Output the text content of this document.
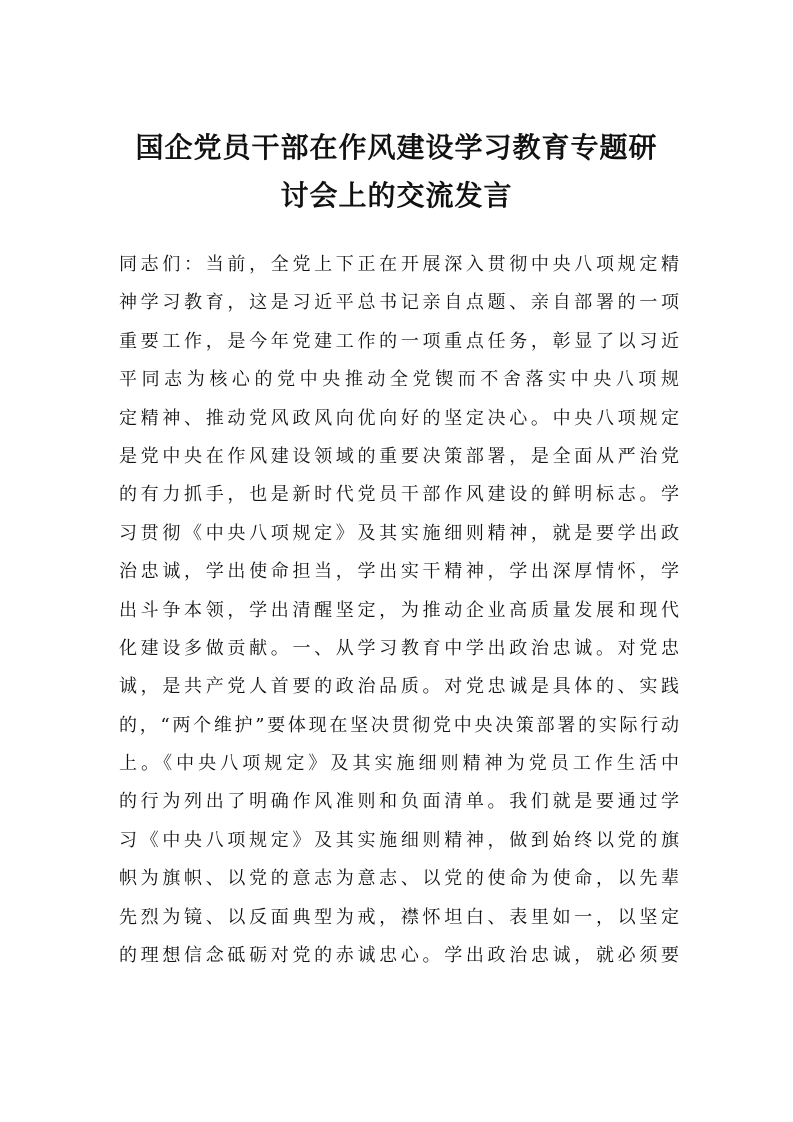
国企党员干部在作风建设学习教育专题研
讨会上的交流发言
同志们：当前，全党上下正在开展深入贯彻中央八项规定精
神学习教育，这是习近平总书记亲自点题、亲自部署的一项
重要工作，是今年党建工作的一项重点任务，彰显了以习近
平同志为核心的党中央推动全党锲而不舍落实中央八项规
定精神、推动党风政风向优向好的坚定决心。中央八项规定
是党中央在作风建设领域的重要决策部署，是全面从严治党
的有力抓手，也是新时代党员干部作风建设的鲜明标志。学
习贯彻《中央八项规定》及其实施细则精神，就是要学出政
治忠诚，学出使命担当，学出实干精神，学出深厚情怀，学
出斗争本领，学出清醒坚定，为推动企业高质量发展和现代
化建设多做贡献。一、从学习教育中学出政治忠诚。对党忠
诚，是共产党人首要的政治品质。对党忠诚是具体的、实践
的，“两个维护”要体现在坚决贯彻党中央决策部署的实际行动
上。《中央八项规定》及其实施细则精神为党员工作生活中
的行为列出了明确作风准则和负面清单。我们就是要通过学
习《中央八项规定》及其实施细则精神，做到始终以党的旗
帜为旗帜、以党的意志为意志、以党的使命为使命，以先辈
先烈为镜、以反面典型为戒，襟怀坦白、表里如一，以坚定
的理想信念砥砺对党的赤诚忠心。学出政治忠诚，就必须要
